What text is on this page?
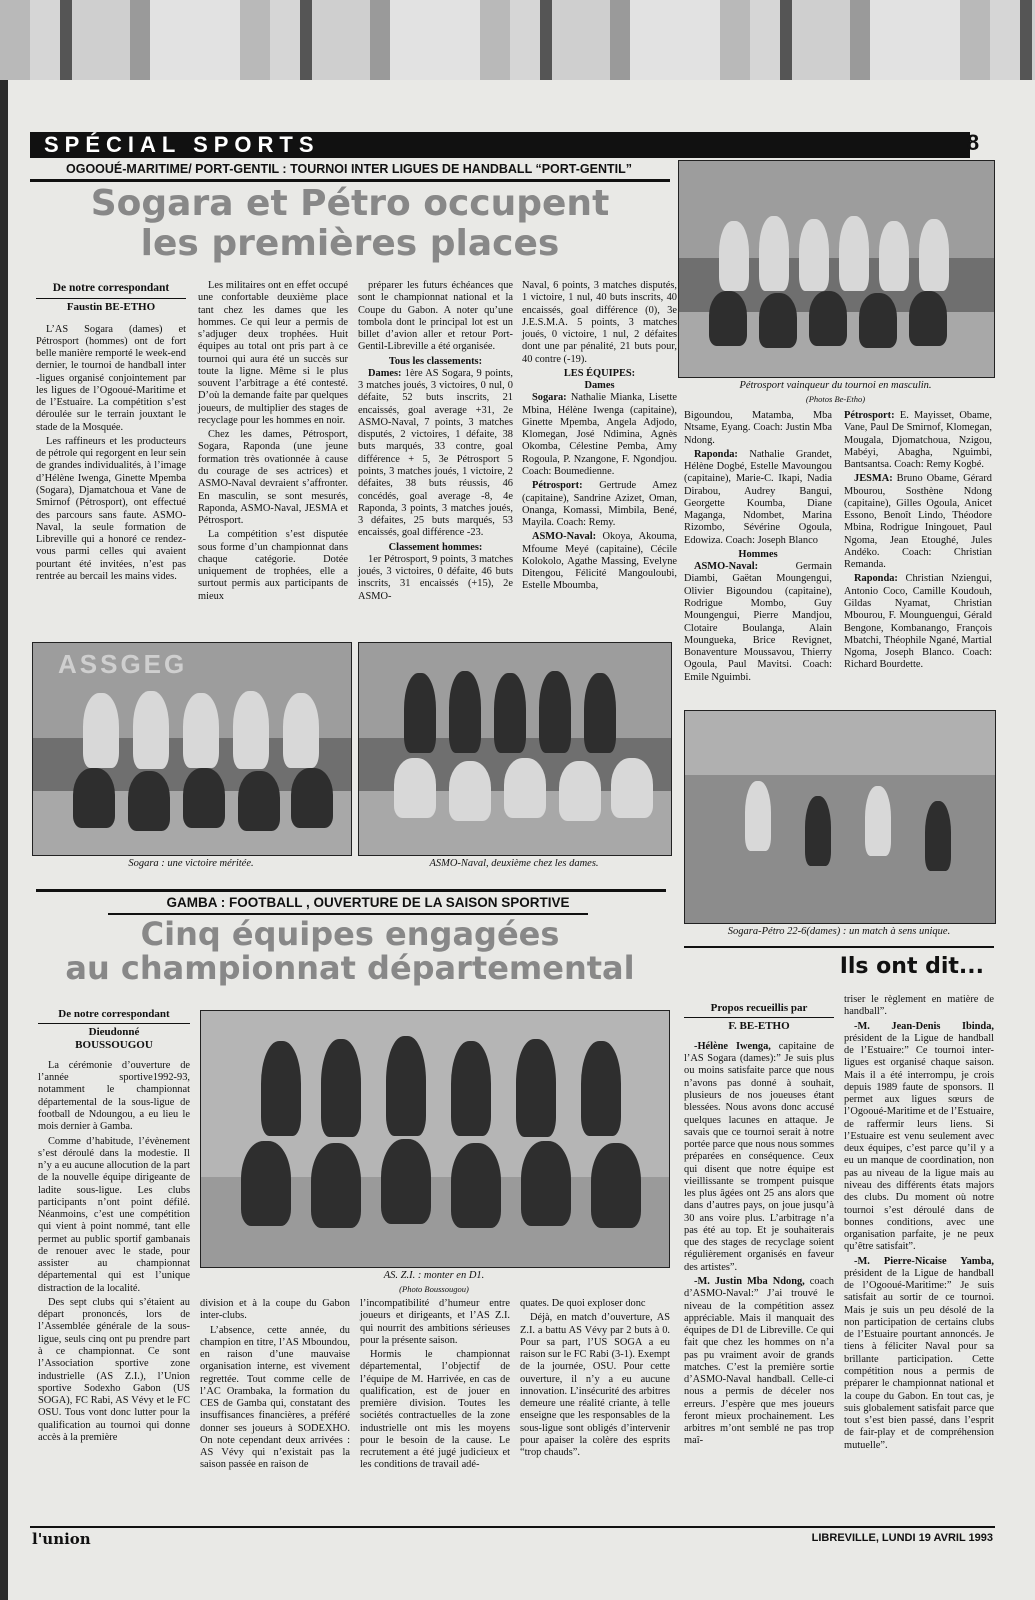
SPÉCIAL SPORTS	8
OGOOUÉ-MARITIME/ PORT-GENTIL : TOURNOI INTER LIGUES DE HANDBALL “PORT-GENTIL”
Sogara et Pétro occupent
les premières places
De notre correspondant
Faustin BE-ETHO

L’AS Sogara (dames) et Pétrosport (hommes) ont de fort belle manière remporté le week-end dernier, le tournoi de handball inter -ligues organisé conjointement par les ligues de l’Ogooué-Maritime et de l’Estuaire. La compétition s’est déroulée sur le terrain jouxtant le stade de la Mosquée.

Les raffineurs et les producteurs de pétrole qui regorgent en leur sein de grandes individualités, à l’image d’Hélène Iwenga, Ginette Mpemba (Sogara), Djamatchoua et Vane de Smirnof (Pétrosport), ont effectué des parcours sans faute. ASMO-Naval, la seule formation de Libreville qui a honoré ce rendez-vous parmi celles qui avaient pourtant été invitées, n’est pas rentrée au bercail les mains vides.

Les militaires ont en effet occupé une confortable deuxième place tant chez les dames que les hommes. Ce qui leur a permis de s’adjuger deux trophées. Huit équipes au total ont pris part à ce tournoi qui aura été un succès sur toute la ligne. Même si le plus souvent l’arbitrage a été contesté. D’où la demande faite par quelques joueurs, de multiplier des stages de recyclage pour les hommes en noir.

Chez les dames, Pétrosport, Sogara, Raponda (une jeune formation très ovationnée à cause du courage de ses actrices) et ASMO-Naval devraient s’affronter. En masculin, se sont mesurés, Raponda, ASMO-Naval, JESMA et Pétrosport.

La compétition s’est disputée sous forme d’un championnat dans chaque catégorie. Dotée uniquement de trophées, elle a surtout permis aux participants de mieux

préparer les futurs échéances que sont le championnat national et la Coupe du Gabon. A noter qu’une tombola dont le principal lot est un billet d’avion aller et retour Port-Gentil-Libreville a été organisée.

Tous les classements:

Dames: 1ère AS Sogara, 9 points, 3 matches joués, 3 victoires, 0 nul, 0 défaite, 52 buts inscrits, 21 encaissés, goal average +31, 2e ASMO-Naval, 7 points, 3 matches disputés, 2 victoires, 1 défaite, 38 buts marqués, 33 contre, goal différence + 5, 3e Pétrosport 5 points, 3 matches joués, 1 victoire, 2 défaites, 38 buts réussis, 46 concédés, goal average -8, 4e Raponda, 3 points, 3 matches joués, 3 défaites, 25 buts marqués, 53 encaissés, goal différence -23.

Classement hommes:

1er Pétrosport, 9 points, 3 matches joués, 3 victoires, 0 défaite, 46 buts inscrits, 31 encaissés (+15), 2e ASMO-

Naval, 6 points, 3 matches disputés, 1 victoire, 1 nul, 40 buts inscrits, 40 encaissés, goal différence (0), 3e J.E.S.M.A. 5 points, 3 matches joués, 0 victoire, 1 nul, 2 défaites dont une par pénalité, 21 buts pour, 40 contre (-19).

LES ÉQUIPES:
Dames

Sogara: Nathalie Mianka, Lisette Mbina, Hélène Iwenga (capitaine), Ginette Mpemba, Angela Adjodo, Klomegan, José Ndimina, Agnès Okomba, Célestine Pemba, Amy Rogoula, P. Nzangone, F. Ngondjou. Coach: Boumedienne.

Pétrosport: Gertrude Amez (capitaine), Sandrine Azizet, Oman, Onanga, Komassi, Mimbila, Bené, Mayila. Coach: Remy.

ASMO-Naval: Okoya, Akouma, Mfoume Meyé (capitaine), Cécile Kolokolo, Agathe Massing, Evelyne Ditengou, Félicité Mangouloubi, Estelle Mboumba,

Pétrosport vainqueur du tournoi en masculin.
(Photos Be-Etho)

Bigoundou, Matamba, Mba Ntsame, Eyang. Coach: Justin Mba Ndong.

Raponda: Nathalie Grandet, Hélène Dogbé, Estelle Mavoungou (capitaine), Marie-C. Ikapi, Nadia Dirabou, Audrey Bangui, Georgette Koumba, Diane Magangа, Ndombet, Marina Rizombo, Sévérine Ogoula, Edowiza. Coach: Joseph Blanco

Hommes

ASMO-Naval:	Germain Diambi, Gaëtan Moungenguі, Olivier Bigoundou (capitaine), Rodrigue Mombo, Guy Moungenguі, Pierre Mandjou, Clotaire Boulanga, Alain Moungueka, Brice Revignet, Bonaventure Moussavou, Thierry Ogoula, Paul Mavitsi. Coach: Emile Nguimbi.

Pétrosport: E. Mayisset, Obame, Vane, Paul De Smirnof, Klomegan, Mougala, Djomatchoua, Nzigou, Mabéyi, Abagha, Nguimbi, Bantsantsa. Coach: Remy Kogbé.

JESMA: Bruno Obame, Gérard Mbourou, Sosthène Ndong (capitaine), Gilles Ogoula, Anicet Essono, Benoît Lindo, Théodore Mbina, Rodrigue Iningouet, Paul Ngoma, Jean Etoughé, Jules Andéko. Coach: Christian Remanda.

Raponda: Christian Nziengui, Antonio Coco, Camille Koudouh, Gildas Nyamat, Christian Mbourou, F. Mounguengui, Gérald Bengone, Kombanango, François Mbatchi, Théophile Ngané, Martial Ngoma, Joseph Blanco. Coach: Richard Bourdette.

ASSGEG
Sogara : une victoire méritée.	ASMO-Naval, deuxième chez les dames.
Sogara-Pétro 22-6(dames) : un match à sens unique.
GAMBA : FOOTBALL , OUVERTURE DE LA SAISON SPORTIVE
Cinq équipes engagées
au championnat départemental
De notre correspondant
Dieudonné
BOUSSOUGOU

La cérémonie d’ouverture de l’année sportive1992-93, notamment le championnat départemental de la sous-ligue de football de Ndoungou, a eu lieu le mois dernier à Gamba.

Comme d’habitude, l’évènement s’est déroulé dans la modestie. Il n’y a eu aucune allocution de la part de la nouvelle équipe dirigeante de ladite sous-ligue. Les clubs participants n’ont point défilé. Néanmoins, c’est une compétition qui vient à point nommé, tant elle permet au public sportif gambanais de renouer avec le stade, pour assister au championnat départemental qui est l’unique distraction de la localité.

Des sept clubs qui s’étaient au départ prononcés, lors de l’Assemblée générale de la sous-ligue, seuls cinq ont pu prendre part à ce championnat. Ce sont l’Association sportive zone industrielle (AS Z.I.), l’Union sportive Sodexho Gabon (US SOGA), FC Rabi, AS Vévy et le FC OSU. Tous vont donc lutter pour la qualification au tournoi qui donne accès à la première

AS. Z.I. : monter en D1.
(Photo Boussougou)

division et à la coupe du Gabon inter-clubs.

L’absence, cette année, du champion en titre, l’AS Mboundou, en raison d’une mauvaise organisation interne, est vivement regrettée. Tout comme celle de l’AC Orambaka, la formation du CES de Gamba qui, constatant des insuffisances financières, a préféré donner ses joueurs à SODEXHO. On note cependant deux arrivées : AS Vévy qui n’existait pas la saison passée en raison de

l’incompatibilité d’humeur entre joueurs et dirigeants, et l’AS Z.I. qui nourrit des ambitions sérieuses pour la présente saison.

Hormis le championnat départemental, l’objectif de l’équipe de M. Harrivée, en cas de qualification, est de jouer en première division. Toutes les sociétés contractuelles de la zone industrielle ont mis les moyens pour le besoin de la cause. Le recrutement a été jugé judicieux et les conditions de travail adé-

quates. De quoi exploser donc

Déjà, en match d’ouverture, AS Z.I. a battu AS Vévy par 2 buts à 0. Pour sa part, l’US SOGA a eu raison sur le FC Rabi (3-1). Exempt de la journée, OSU. Pour cette ouverture, il n’y a eu aucune innovation. L’insécurité des arbitres demeure une réalité criante, à telle enseigne que les responsables de la sous-ligue sont obligés d’intervenir pour apaiser la colère des esprits “trop chauds”.

Ils ont dit...
Propos recueillis par
F. BE-ETHO

-Hélène Iwenga, capitaine de l’AS Sogara (dames):” Je suis plus ou moins satisfaite parce que nous n’avons pas donné à souhait, plusieurs de nos joueuses étant blessées. Nous avons donc accusé quelques lacunes en attaque. Je savais que ce tournoi serait à notre portée parce que nous nous sommes préparées en conséquence. Ceux qui disent que notre équipe est vieillissante se trompent puisque les plus âgées ont 25 ans alors que dans d’autres pays, on joue jusqu’à 30 ans voire plus. L’arbitrage n’a pas été au top. Et je souhaiterais que des stages de recyclage soient régulièrement organisés en faveur des artistes”.

-M. Justin Mba Ndong, coach d’ASMO-Naval:” J’ai trouvé le niveau de la compétition assez appréciable. Mais il manquait des équipes de D1 de Libreville. Ce qui fait que chez les hommes on n’a pas pu vraiment avoir de grands matches. C’est la première sortie d’ASMO-Naval handball. Celle-ci nous a permis de déceler nos erreurs. J’espère que mes joueurs feront mieux prochainement. Les arbitres m’ont semblé ne pas trop maî-

triser le règlement en matière de handball”.

-M. Jean-Denis Ibinda, président de la Ligue de handball de l’Estuaire:” Ce tournoi inter-ligues est organisé chaque saison. Mais il a été interrompu, je crois depuis 1989 faute de sponsors. Il permet aux ligues sœurs de l’Ogooué-Maritime et de l’Estuaire, de raffermir leurs liens. Si l’Estuaire est venu seulement avec deux équipes, c’est parce qu’il y a eu un manque de coordination, non pas au niveau de la ligue mais au niveau des différents états majors des clubs. Du moment où notre tournoi s’est déroulé dans de bonnes conditions, avec une organisation parfaite, je ne peux qu’être satisfait”.

-M. Pierre-Nicaise Yamba, président de la Ligue de handball de l’Ogooué-Maritime:” Je suis satisfait au sortir de ce tournoi. Mais je suis un peu désolé de la non participation de certains clubs de l’Estuaire pourtant annoncés. Je tiens à féliciter Naval pour sa brillante participation. Cette compétition nous a permis de préparer le championnat national et la coupe du Gabon. En tout cas, je suis globalement satisfait parce que tout s’est bien passé, dans l’esprit de fair-play et de compréhension mutuelle”.

l'union	LIBREVILLE, LUNDI 19 AVRIL 1993
